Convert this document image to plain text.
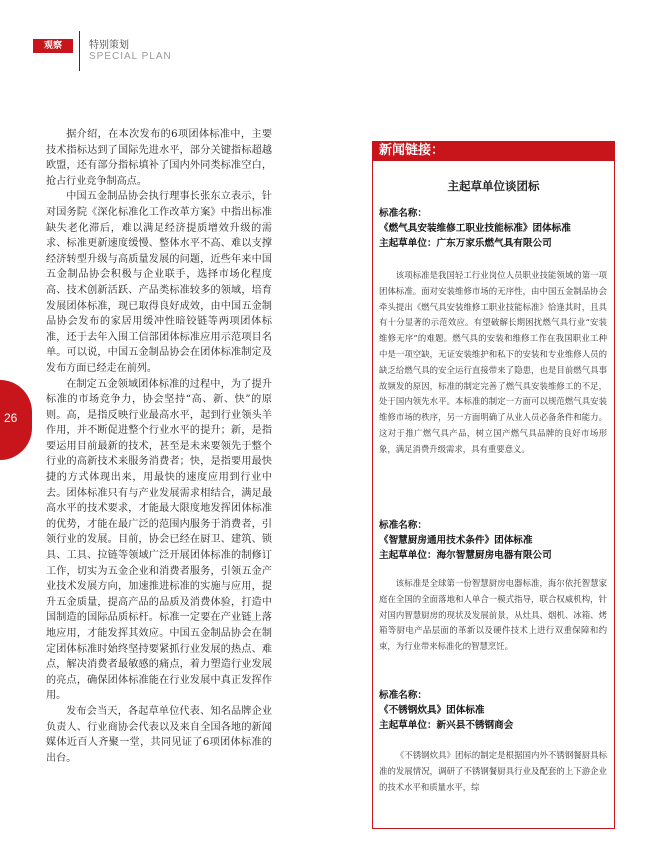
观察	特别策划
SPECIAL PLAN
26

据介绍，在本次发布的6项团体标准中，主要技术指标达到了国际先进水平，部分关键指标超越欧盟，还有部分指标填补了国内外同类标准空白，抢占行业竞争制高点。

中国五金制品协会执行理事长张东立表示，针对国务院《深化标准化工作改革方案》中指出标准缺失老化滞后，难以满足经济提质增效升级的需求、标准更新速度缓慢、整体水平不高、难以支撑经济转型升级与高质量发展的问题，近些年来中国五金制品协会积极与企业联手，选择市场化程度高、技术创新活跃、产品类标准较多的领域，培育发展团体标准，现已取得良好成效，由中国五金制品协会发布的家居用缓冲性暗铰链等两项团体标准，还于去年入围工信部团体标准应用示范项目名单。可以说，中国五金制品协会在团体标准制定及发布方面已经走在前列。

在制定五金领域团体标准的过程中，为了提升标准的市场竞争力，协会坚持“高、新、快”的原则。高，是指反映行业最高水平，起到行业领头羊作用，并不断促进整个行业水平的提升；新，是指要运用目前最新的技术，甚至是未来要领先于整个行业的高新技术来服务消费者；快，是指要用最快捷的方式体现出来，用最快的速度应用到行业中去。团体标准只有与产业发展需求相结合，满足最高水平的技术要求，才能最大限度地发挥团体标准的优势，才能在最广泛的范围内服务于消费者，引领行业的发展。目前，协会已经在厨卫、建筑、锁具、工具、拉链等领域广泛开展团体标准的制修订工作，切实为五金企业和消费者服务，引领五金产业技术发展方向，加速推进标准的实施与应用，提升五金质量，提高产品的品质及消费体验，打造中国制造的国际品质标杆。标准一定要在产业链上落地应用，才能发挥其效应。中国五金制品协会在制定团体标准时始终坚持要紧抓行业发展的热点、难点，解决消费者最敏感的痛点，着力塑造行业发展的亮点，确保团体标准能在行业发展中真正发挥作用。

发布会当天，各起草单位代表、知名品牌企业负责人、行业商协会代表以及来自全国各地的新闻媒体近百人齐聚一堂，共同见证了6项团体标准的出台。

新闻链接：
主起草单位谈团标
标准名称：
《燃气具安装维修工职业技能标准》团体标准
主起草单位：广东万家乐燃气具有限公司
该项标准是我国轻工行业岗位人员职业技能领域的第一项团体标准。面对安装维修市场的无序性，由中国五金制品协会牵头提出《燃气具安装维修工职业技能标准》恰逢其时，且具有十分显著的示范效应。有望破解长期困扰燃气具行业“安装维修无序”的难题。燃气具的安装和维修工作在我国职业工种中是一项空缺，无证安装维护和私下的安装和专业维修人员的缺乏给燃气具的安全运行直接带来了隐患，也是目前燃气具事故频发的原因，标准的制定完善了燃气具安装维修工的不足，处于国内领先水平。本标准的制定一方面可以规范燃气具安装维修市场的秩序，另一方面明确了从业人员必备条件和能力。这对于推广燃气具产品，树立国产燃气具品牌的良好市场形象，满足消费升级需求，具有重要意义。
标准名称：
《智慧厨房通用技术条件》团体标准
主起草单位：海尔智慧厨房电器有限公司
该标准是全球第一份智慧厨房电器标准，海尔依托智慧家庭在全国的全面落地和人单合一模式指导，联合权威机构，针对国内智慧厨房的现状及发展前景，从灶具、烟机、冰箱、烤箱等厨电产品层面的革新以及硬件技术上进行双重保障和约束，为行业带来标准化的智慧烹饪。
标准名称：
《不锈钢炊具》团体标准
主起草单位：新兴县不锈钢商会
《不锈钢炊具》团标的制定是根据国内外不锈钢餐厨具标准的发展情况，调研了不锈钢餐厨具行业及配套的上下游企业的技术水平和质量水平，综
